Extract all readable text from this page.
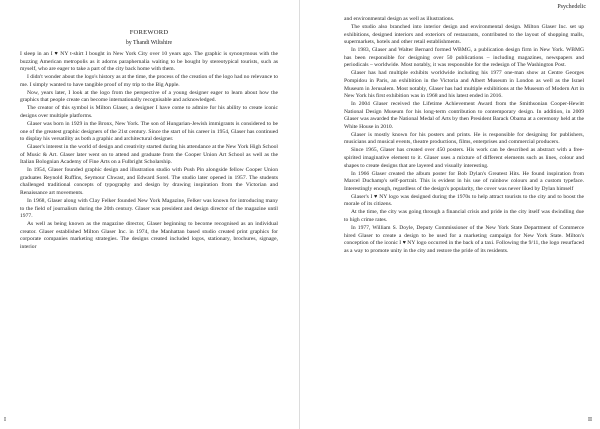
FOREWORD
by Thandi Wiltshire

I sleep in an I ♥ NY t-shirt I bought in New York City over 10 years ago. The graphic is synonymous with the buzzing American metropolis as it adorns paraphernalia waiting to be bought by stereotypical tourists, such as myself, who are eager to take a part of the city back home with them.

I didn't wonder about the logo's history as at the time, the process of the creation of the logo had no relevance to me. I simply wanted to have tangible proof of my trip to the Big Apple.

Now, years later, I look at the logo from the perspective of a young designer eager to learn about how the graphics that people create can become internationally recognisable and acknowledged.

The creator of this symbol is Milton Glaser, a designer I have come to admire for his ability to create iconic designs over multiple platforms.

Glaser was born in 1929 in the Bronx, New York. The son of Hungarian-Jewish immigrants is considered to be one of the greatest graphic designers of the 21st century. Since the start of his career in 1954, Glaser has continued to display his versatility as both a graphic and architectural designer.

Glaser's interest in the world of design and creativity started during his attendance at the New York High School of Music & Art. Glaser later went on to attend and graduate from the Cooper Union Art School as well as the Italian Bolognian Academy of Fine Arts on a Fulbright Scholarship.

In 1954, Glaser founded graphic design and illustration studio with Push Pin alongside fellow Cooper Union graduates Reynold Ruffins, Seymour Chwast, and Edward Sorel. The studio later opened in 1957. The students challenged traditional concepts of typography and design by drawing inspiration from the Victorian and Renaissance art movements.

In 1968, Glaser along with Clay Felker founded New York Magazine, Felker was known for introducing many to the field of journalism during the 20th century. Glaser was president and design director of the magazine until 1977.

As well as being known as the magazine director, Glaser beginning to become recognised as an individual creator. Glaser established Milton Glaser Inc. in 1974, the Manhattan based studio created print graphics for corporate companies marketing strategies. The designs created included logos, stationary, brochures, signage, interior

I
Psychedelic

and environmental design as well as illustrations.

The studio also branched into interior design and environmental design. Milton Glaser Inc. set up exhibitions, designed interiors and exteriors of restaurants, contributed to the layout of shopping malls, supermarkets, hotels and other retail establishments.

In 1983, Glaser and Walter Bernard formed WBMG, a publication design firm in New York. WBMG has been responsible for designing over 50 publications – including magazines, newspapers and periodicals – worldwide. Most notably, it was responsible for the redesign of The Washington Post.

Glaser has had multiple exhibits worldwide including his 1977 one-man show at Centre Georges Pompidou in Paris, an exhibition in the Victoria and Albert Museum in London as well as the Israel Museum in Jerusalem. Most notably, Glaser has had multiple exhibitions at the Museum of Modern Art in New York his first exhibition was in 1968 and his latest ended in 2016.

In 2004 Glaser received the Lifetime Achievement Award from the Smithsonian Cooper-Hewitt National Design Museum for his long-term contribution to contemporary design. In addition, in 2009 Glaser was awarded the National Medal of Arts by then President Barack Obama at a ceremony held at the White House in 2010.

Glaser is mostly known for his posters and prints. He is responsible for designing for publishers, musicians and musical events, theatre productions, films, enterprises and commercial producers.

Since 1965, Glaser has created over 450 posters. His work can be described as abstract with a free-spirited imaginative element to it. Glaser uses a mixture of different elements such as lines, colour and shapes to create designs that are layered and visually interesting.

In 1966 Glaser created the album poster for Bob Dylan's Greatest Hits. He found inspiration from Marcel Duchamp's self-portrait. This is evident in his use of rainbow colours and a custom typeface. Interestingly enough, regardless of the design's popularity, the cover was never liked by Dylan himself

Glaser's I ♥ NY logo was designed during the 1970s to help attract tourists to the city and to boost the morale of its citizens.

At the time, the city was going through a financial crisis and pride in the city itself was dwindling due to high crime rates.

In 1977, William S. Doyle, Deputy Commissioner of the New York State Department of Commerce hired Glaser to create a design to be used for a marketing campaign for New York State. Milton's conception of the iconic I ♥ NY logo occurred in the back of a taxi. Following the 9/11, the logo resurfaced as a way to promote unity in the city and restore the pride of its residents.

II
